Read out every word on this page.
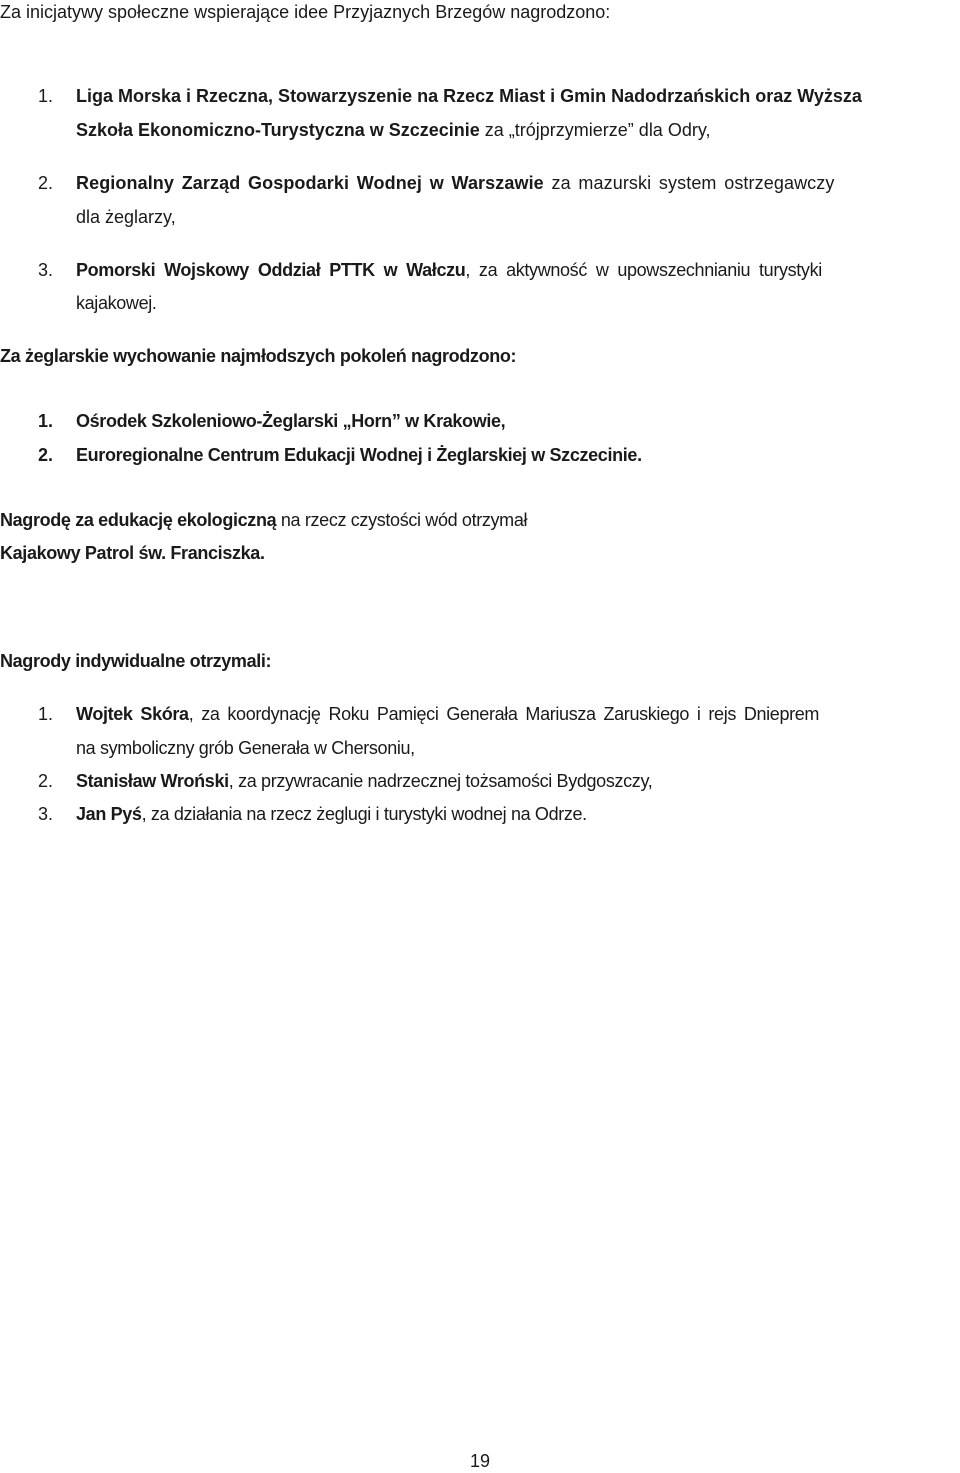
Za inicjatywy społeczne wspierające idee Przyjaznych Brzegów nagrodzono:
1. Liga Morska i Rzeczna, Stowarzyszenie na Rzecz Miast i Gmin Nadodrzańskich oraz Wyższa
Szkoła Ekonomiczno-Turystyczna w Szczecinie za „trójprzymierze” dla Odry,
2. Regionalny Zarząd Gospodarki Wodnej w Warszawie za mazurski system ostrzegawczy
dla żeglarzy,
3. Pomorski Wojskowy Oddział PTTK w Wałczu, za aktywność w upowszechnianiu turystyki
kajakowej.
Za żeglarskie wychowanie najmłodszych pokoleń nagrodzono:
1. Ośrodek Szkoleniowo-Żeglarski „Horn” w Krakowie,
2. Euroregionalne Centrum Edukacji Wodnej i Żeglarskiej w Szczecinie.
Nagrodę za edukację ekologiczną na rzecz czystości wód otrzymał
Kajakowy Patrol św. Franciszka.
Nagrody indywidualne otrzymali:
1. Wojtek Skóra, za koordynację Roku Pamięci Generała Mariusza Zaruskiego i rejs Dnieprem
na symboliczny grób Generała w Chersoniu,
2. Stanisław Wroński, za przywracanie nadrzecznej tożsamości Bydgoszczy,
3. Jan Pyś, za działania na rzecz żeglugi i turystyki wodnej na Odrze.
19
